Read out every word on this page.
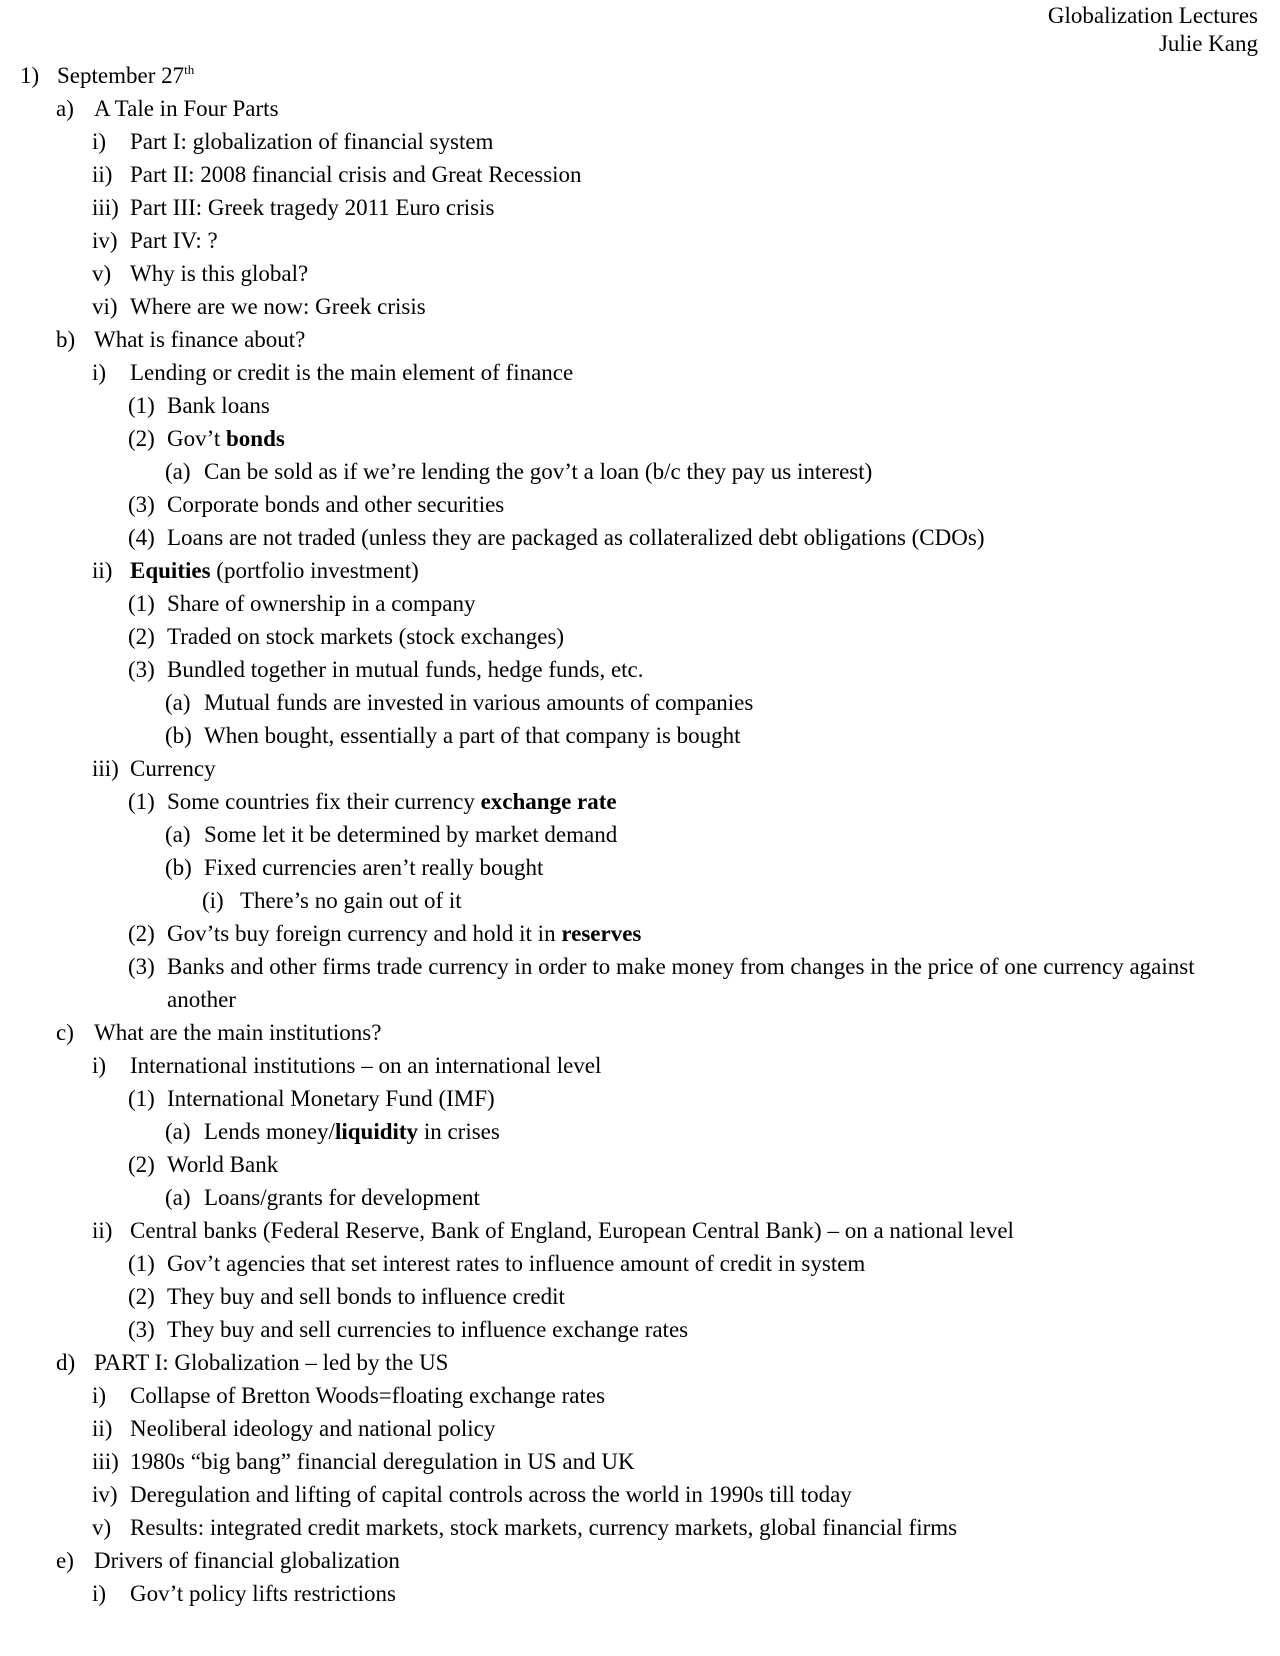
Globalization Lectures
Julie Kang
1) September 27th
a) A Tale in Four Parts
i) Part I: globalization of financial system
ii) Part II: 2008 financial crisis and Great Recession
iii) Part III: Greek tragedy 2011 Euro crisis
iv) Part IV: ?
v) Why is this global?
vi) Where are we now: Greek crisis
b) What is finance about?
i) Lending or credit is the main element of finance
(1) Bank loans
(2) Gov’t bonds
(a) Can be sold as if we’re lending the gov’t a loan (b/c they pay us interest)
(3) Corporate bonds and other securities
(4) Loans are not traded (unless they are packaged as collateralized debt obligations (CDOs)
ii) Equities (portfolio investment)
(1) Share of ownership in a company
(2) Traded on stock markets (stock exchanges)
(3) Bundled together in mutual funds, hedge funds, etc.
(a) Mutual funds are invested in various amounts of companies
(b) When bought, essentially a part of that company is bought
iii) Currency
(1) Some countries fix their currency exchange rate
(a) Some let it be determined by market demand
(b) Fixed currencies aren’t really bought
(i) There’s no gain out of it
(2) Gov’ts buy foreign currency and hold it in reserves
(3) Banks and other firms trade currency in order to make money from changes in the price of one currency against another
c) What are the main institutions?
i) International institutions – on an international level
(1) International Monetary Fund (IMF)
(a) Lends money/liquidity in crises
(2) World Bank
(a) Loans/grants for development
ii) Central banks (Federal Reserve, Bank of England, European Central Bank) – on a national level
(1) Gov’t agencies that set interest rates to influence amount of credit in system
(2) They buy and sell bonds to influence credit
(3) They buy and sell currencies to influence exchange rates
d) PART I: Globalization – led by the US
i) Collapse of Bretton Woods=floating exchange rates
ii) Neoliberal ideology and national policy
iii) 1980s “big bang” financial deregulation in US and UK
iv) Deregulation and lifting of capital controls across the world in 1990s till today
v) Results: integrated credit markets, stock markets, currency markets, global financial firms
e) Drivers of financial globalization
i) Gov’t policy lifts restrictions
